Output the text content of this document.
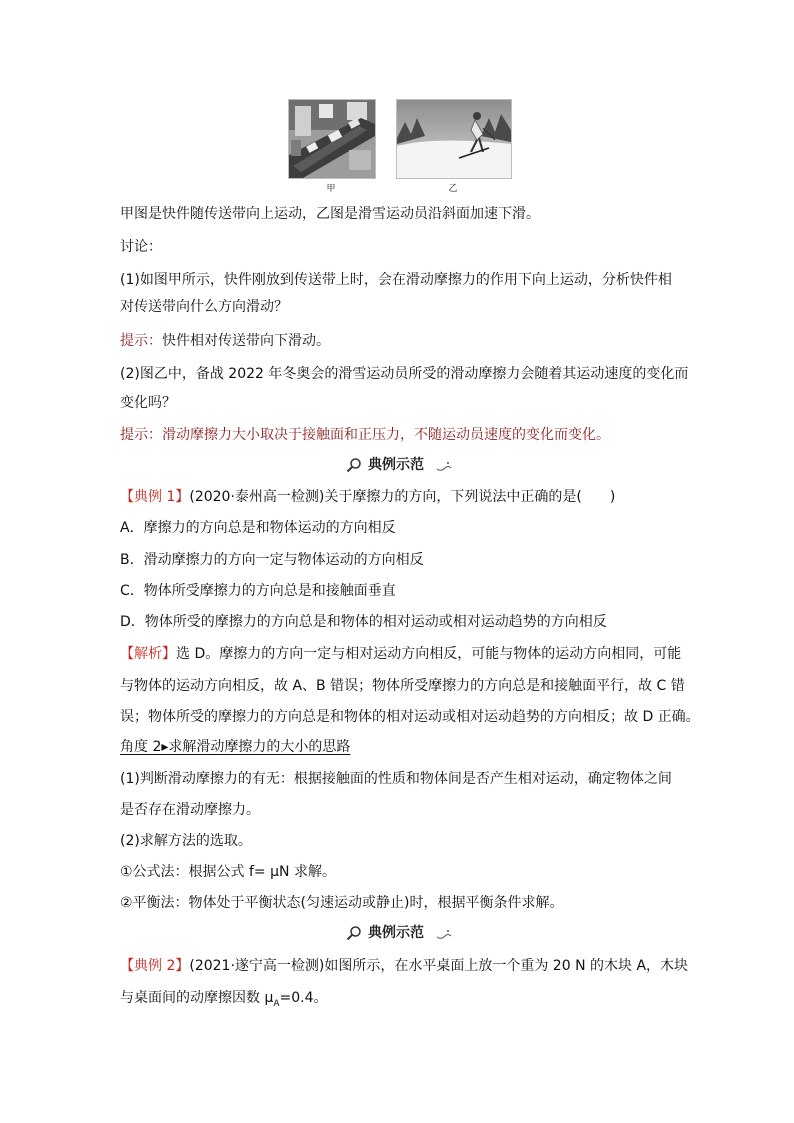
甲	乙
甲图是快件随传送带向上运动，乙图是滑雪运动员沿斜面加速下滑。
讨论：
(1)如图甲所示，快件刚放到传送带上时，会在滑动摩擦力的作用下向上运动，分析快件相
对传送带向什么方向滑动？
提示：快件相对传送带向下滑动。
(2)图乙中，备战 2022 年冬奥会的滑雪运动员所受的滑动摩擦力会随着其运动速度的变化而
变化吗？
提示：滑动摩擦力大小取决于接触面和正压力，不随运动员速度的变化而变化。
典例示范
【典例 1】(2020·泰州高一检测)关于摩擦力的方向，下列说法中正确的是( )
A．摩擦力的方向总是和物体运动的方向相反
B．滑动摩擦力的方向一定与物体运动的方向相反
C．物体所受摩擦力的方向总是和接触面垂直
D．物体所受的摩擦力的方向总是和物体的相对运动或相对运动趋势的方向相反
【解析】选 D。摩擦力的方向一定与相对运动方向相反，可能与物体的运动方向相同，可能
与物体的运动方向相反，故 A、B 错误；物体所受摩擦力的方向总是和接触面平行，故 C 错
误；物体所受的摩擦力的方向总是和物体的相对运动或相对运动趋势的方向相反；故 D 正确。
角度 2▸求解滑动摩擦力的大小的思路
(1)判断滑动摩擦力的有无：根据接触面的性质和物体间是否产生相对运动，确定物体之间
是否存在滑动摩擦力。
(2)求解方法的选取。
①公式法：根据公式 f= μN 求解。
②平衡法：物体处于平衡状态(匀速运动或静止)时，根据平衡条件求解。
典例示范
【典例 2】(2021·遂宁高一检测)如图所示，在水平桌面上放一个重为 20 N 的木块 A，木块
与桌面间的动摩擦因数 $\mu_A=0.4$。
